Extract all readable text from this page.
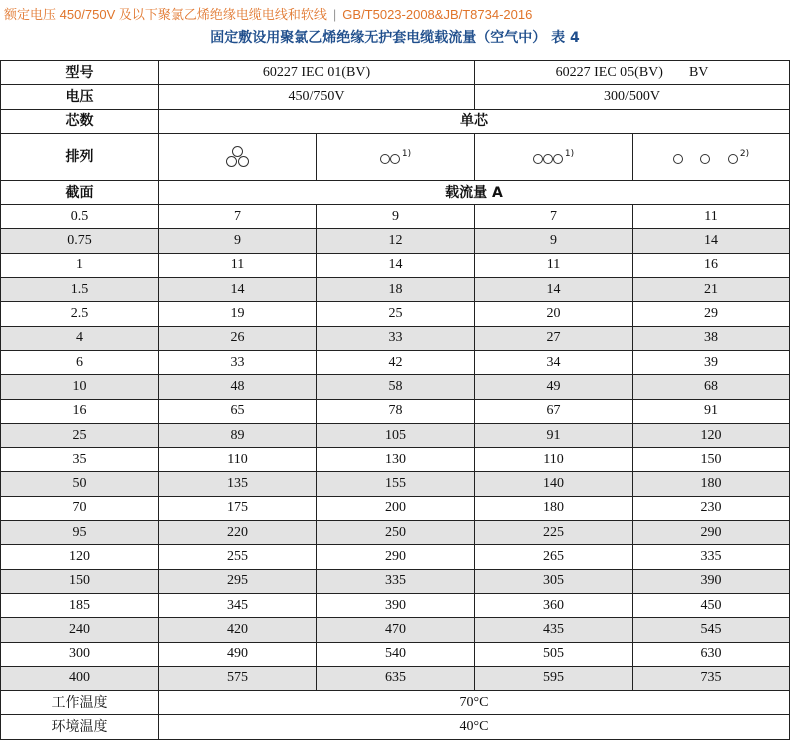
额定电压 450/750V 及以下聚氯乙烯绝缘电缆电线和软线 | GB/T5023-2008&JB/T8734-2016
固定敷设用聚氯乙烯绝缘无护套电缆载流量（空气中） 表 4
型号	60227 IEC 01(BV)		60227 IEC 05(BV) BV	
电压	450/750V		300/500V	
芯数	单芯			
排列		$^{1)}$	$^{1)}$	$^{2)}$
截面	载流量 A			
0.5	7	9	7	11
0.75	9	12	9	14
1	11	14	11	16
1.5	14	18	14	21
2.5	19	25	20	29
4	26	33	27	38
6	33	42	34	39
10	48	58	49	68
16	65	78	67	91
25	89	105	91	120
35	110	130	110	150
50	135	155	140	180
70	175	200	180	230
95	220	250	225	290
120	255	290	265	335
150	295	335	305	390
185	345	390	360	450
240	420	470	435	545
300	490	540	505	630
400	575	635	595	735
工作温度	70°C			
环境温度	40°C			
